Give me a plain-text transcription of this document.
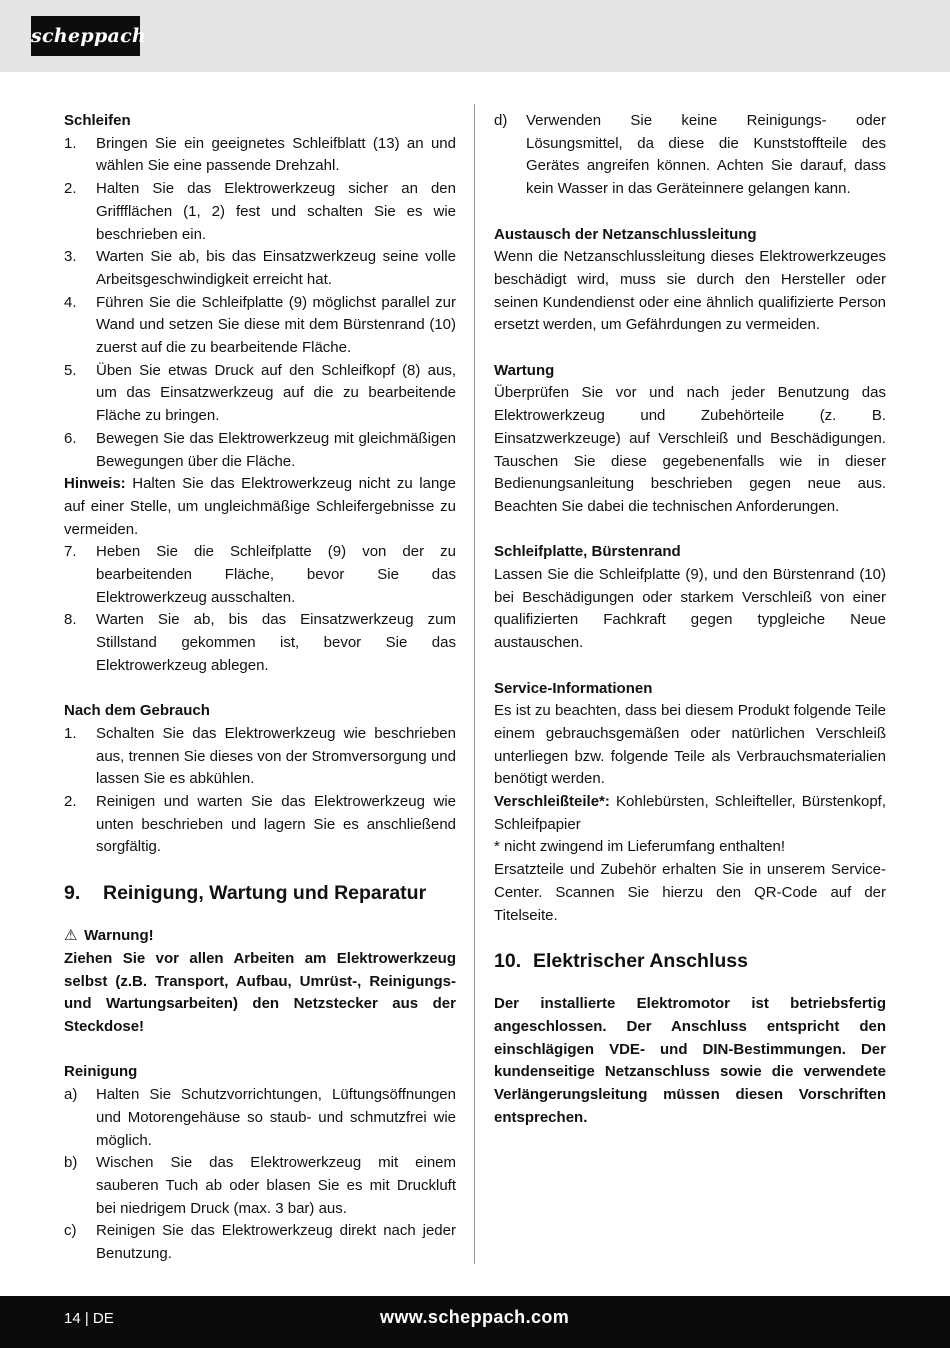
scheppach

Schleifen

1.	Bringen Sie ein geeignetes Schleifblatt (13) an und wählen Sie eine passende Drehzahl.
2.	Halten Sie das Elektrowerkzeug sicher an den Griffflächen (1, 2) fest und schalten Sie es wie beschrieben ein.
3.	Warten Sie ab, bis das Einsatzwerkzeug seine volle Arbeitsgeschwindigkeit erreicht hat.
4.	Führen Sie die Schleifplatte (9) möglichst parallel zur Wand und setzen Sie diese mit dem Bürstenrand (10) zuerst auf die zu bearbeitende Fläche.
5.	Üben Sie etwas Druck auf den Schleifkopf (8) aus, um das Einsatzwerkzeug auf die zu bearbeitende Fläche zu bringen.
6.	Bewegen Sie das Elektrowerkzeug mit gleichmäßigen Bewegungen über die Fläche.

Hinweis: Halten Sie das Elektrowerkzeug nicht zu lange auf einer Stelle, um ungleichmäßige Schleifergebnisse zu vermeiden.

7.	Heben Sie die Schleifplatte (9) von der zu bearbeitenden Fläche, bevor Sie das Elektrowerkzeug ausschalten.
8.	Warten Sie ab, bis das Einsatzwerkzeug zum Stillstand gekommen ist, bevor Sie das Elektrowerkzeug ablegen.

Nach dem Gebrauch

1.	Schalten Sie das Elektrowerkzeug wie beschrieben aus, trennen Sie dieses von der Stromversorgung und lassen Sie es abkühlen.
2.	Reinigen und warten Sie das Elektrowerkzeug wie unten beschrieben und lagern Sie es anschließend sorgfältig.
9.	Reinigung, Wartung und Reparatur

⚠ Warnung!

Ziehen Sie vor allen Arbeiten am Elektrowerkzeug selbst (z.B. Transport, Aufbau, Umrüst-, Reinigungs- und Wartungsarbeiten) den Netzstecker aus der Steckdose!

Reinigung

a)	Halten Sie Schutzvorrichtungen, Lüftungsöffnungen und Motorengehäuse so staub- und schmutzfrei wie möglich.
b)	Wischen Sie das Elektrowerkzeug mit einem sauberen Tuch ab oder blasen Sie es mit Druckluft bei niedrigem Druck (max. 3 bar) aus.
c)	Reinigen Sie das Elektrowerkzeug direkt nach jeder Benutzung.
d)	Verwenden Sie keine Reinigungs- oder Lösungsmittel, da diese die Kunststoffteile des Gerätes angreifen können. Achten Sie darauf, dass kein Wasser in das Geräteinnere gelangen kann.

Austausch der Netzanschlussleitung

Wenn die Netzanschlussleitung dieses Elektrowerkzeuges beschädigt wird, muss sie durch den Hersteller oder seinen Kundendienst oder eine ähnlich qualifizierte Person ersetzt werden, um Gefährdungen zu vermeiden.

Wartung

Überprüfen Sie vor und nach jeder Benutzung das Elektrowerkzeug und Zubehörteile (z. B. Einsatzwerkzeuge) auf Verschleiß und Beschädigungen. Tauschen Sie diese gegebenenfalls wie in dieser Bedienungsanleitung beschrieben gegen neue aus. Beachten Sie dabei die technischen Anforderungen.

Schleifplatte, Bürstenrand

Lassen Sie die Schleifplatte (9), und den Bürstenrand (10) bei Beschädigungen oder starkem Verschleiß von einer qualifizierten Fachkraft gegen typgleiche Neue austauschen.

Service-Informationen

Es ist zu beachten, dass bei diesem Produkt folgende Teile einem gebrauchsgemäßen oder natürlichen Verschleiß unterliegen bzw. folgende Teile als Verbrauchsmaterialien benötigt werden.

Verschleißteile*: Kohlebürsten, Schleifteller, Bürstenkopf, Schleifpapier

* nicht zwingend im Lieferumfang enthalten!

Ersatzteile und Zubehör erhalten Sie in unserem Service-Center. Scannen Sie hierzu den QR-Code auf der Titelseite.

10. Elektrischer Anschluss

Der installierte Elektromotor ist betriebsfertig angeschlossen. Der Anschluss entspricht den einschlägigen VDE- und DIN-Bestimmungen. Der kundenseitige Netzanschluss sowie die verwendete Verlängerungsleitung müssen diesen Vorschriften entsprechen.

14 | DE	www.scheppach.com
